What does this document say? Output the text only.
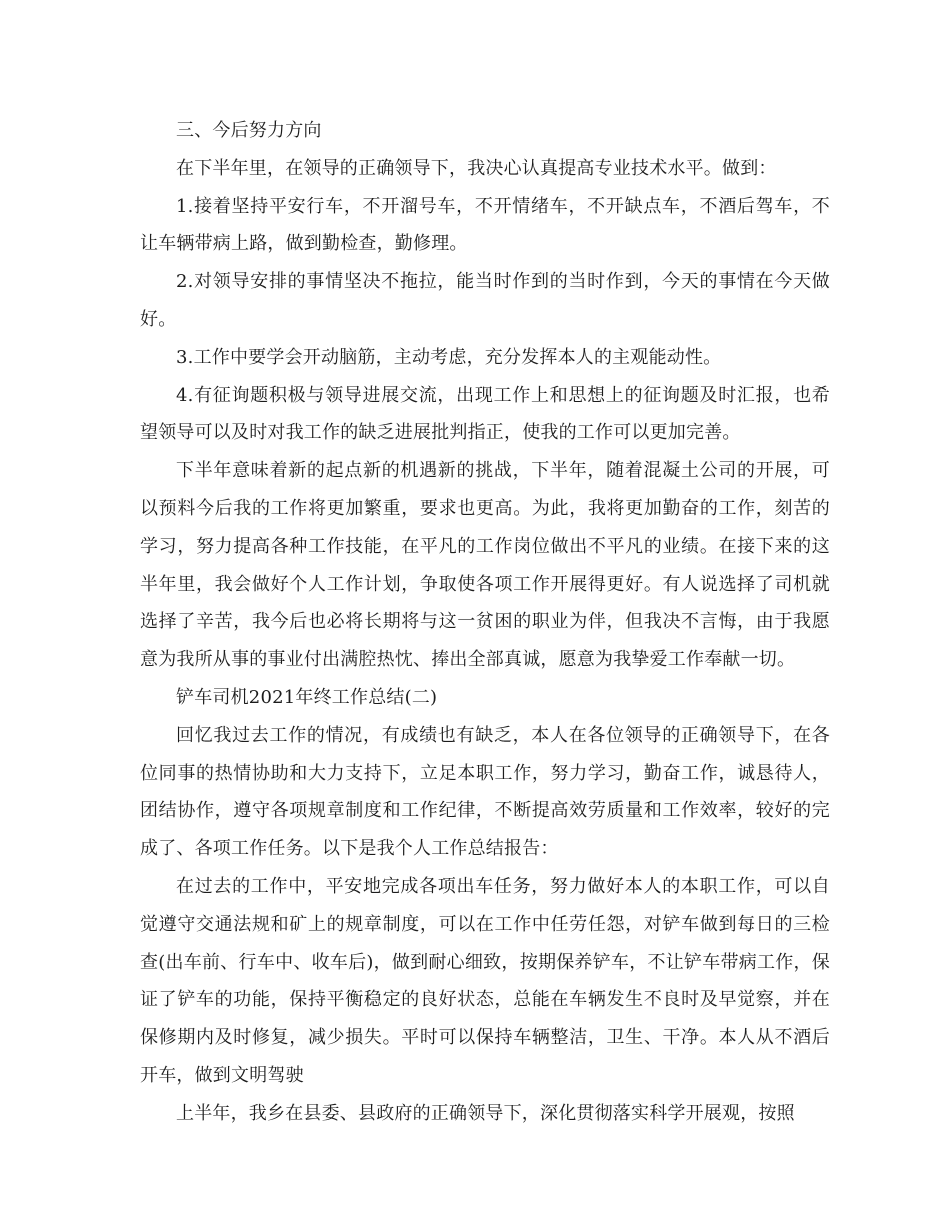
三、今后努力方向

在下半年里，在领导的正确领导下，我决心认真提高专业技术水平。做到：

1.接着坚持平安行车，不开溜号车，不开情绪车，不开缺点车，不酒后驾车，不让车辆带病上路，做到勤检查，勤修理。

2.对领导安排的事情坚决不拖拉，能当时作到的当时作到，今天的事情在今天做好。

3.工作中要学会开动脑筋，主动考虑，充分发挥本人的主观能动性。

4.有征询题积极与领导进展交流，出现工作上和思想上的征询题及时汇报，也希望领导可以及时对我工作的缺乏进展批判指正，使我的工作可以更加完善。

下半年意味着新的起点新的机遇新的挑战，下半年，随着混凝土公司的开展，可以预料今后我的工作将更加繁重，要求也更高。为此，我将更加勤奋的工作，刻苦的学习，努力提高各种工作技能，在平凡的工作岗位做出不平凡的业绩。在接下来的这半年里，我会做好个人工作计划，争取使各项工作开展得更好。有人说选择了司机就选择了辛苦，我今后也必将长期将与这一贫困的职业为伴，但我决不言悔，由于我愿意为我所从事的事业付出满腔热忱、捧出全部真诚，愿意为我挚爱工作奉献一切。

铲车司机2021年终工作总结(二)

回忆我过去工作的情况，有成绩也有缺乏，本人在各位领导的正确领导下，在各位同事的热情协助和大力支持下，立足本职工作，努力学习，勤奋工作，诚恳待人，团结协作，遵守各项规章制度和工作纪律，不断提高效劳质量和工作效率，较好的完成了、各项工作任务。以下是我个人工作总结报告：

在过去的工作中，平安地完成各项出车任务，努力做好本人的本职工作，可以自觉遵守交通法规和矿上的规章制度，可以在工作中任劳任怨，对铲车做到每日的三检查(出车前、行车中、收车后)，做到耐心细致，按期保养铲车，不让铲车带病工作，保证了铲车的功能，保持平衡稳定的良好状态，总能在车辆发生不良时及早觉察，并在保修期内及时修复，减少损失。平时可以保持车辆整洁，卫生、干净。本人从不酒后开车，做到文明驾驶

上半年，我乡在县委、县政府的正确领导下，深化贯彻落实科学开展观，按照
